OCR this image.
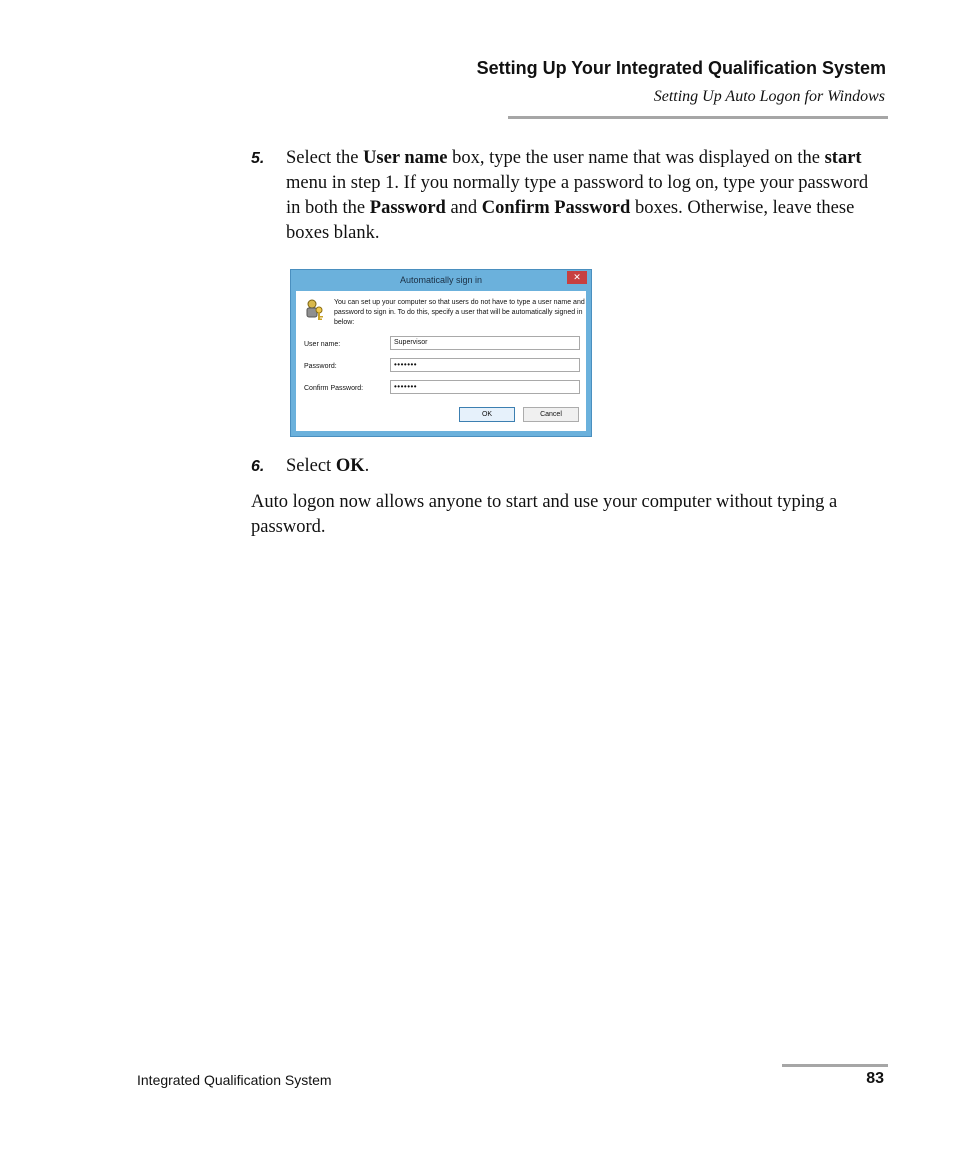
Setting Up Your Integrated Qualification System
Setting Up Auto Logon for Windows
5. Select the User name box, type the user name that was displayed on the start menu in step 1. If you normally type a password to log on, type your password in both the Password and Confirm Password boxes. Otherwise, leave these boxes blank.
Automatically sign in	✕
You can set up your computer so that users do not have to type a user name and password to sign in. To do this, specify a user that will be automatically signed in below:
User name:	Supervisor
Password:	•••••••
Confirm Password:	•••••••
OK	Cancel
6. Select OK.
Auto logon now allows anyone to start and use your computer without typing a password.
Integrated Qualification System	83
